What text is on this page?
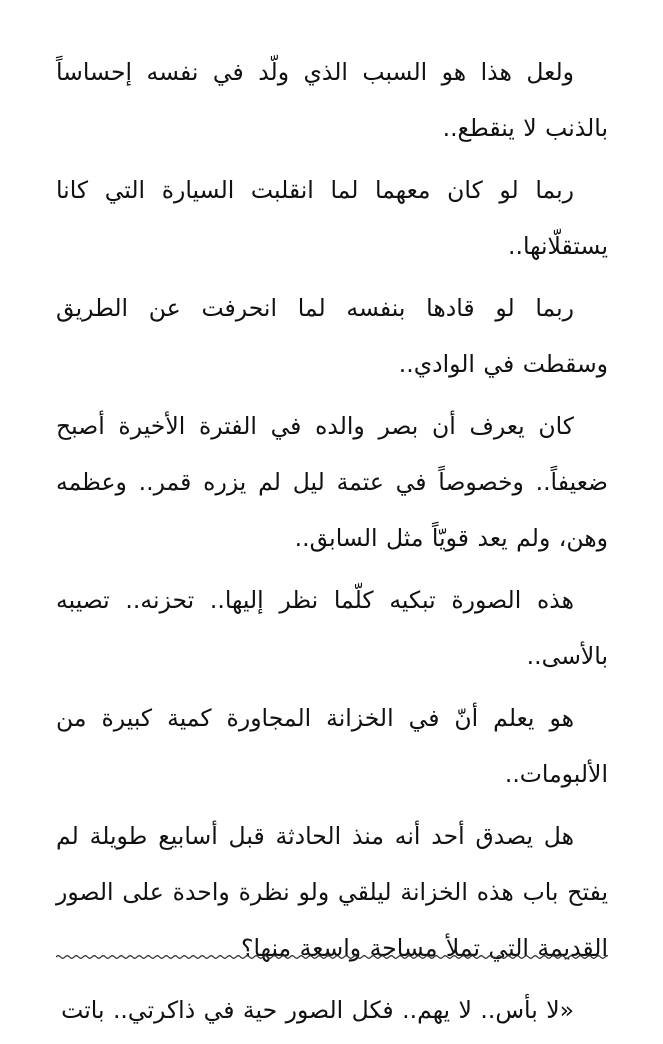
ولعل هذا هو السبب الذي ولّد في نفسه إحساساً بالذنب لا ينقطع..

ربما لو كان معهما لما انقلبت السيارة التي كانا يستقلّانها..

ربما لو قادها بنفسه لما انحرفت عن الطريق وسقطت في الوادي..

كان يعرف أن بصر والده في الفترة الأخيرة أصبح ضعيفاً.. وخصوصاً في عتمة ليل لم يزره قمر.. وعظمه وهن، ولم يعد قويّاً مثل السابق..

هذه الصورة تبكيه كلّما نظر إليها.. تحزنه.. تصيبه بالأسى..

هو يعلم أنّ في الخزانة المجاورة كمية كبيرة من الألبومات..

هل يصدق أحد أنه منذ الحادثة قبل أسابيع طويلة لم يفتح باب هذه الخزانة ليلقي ولو نظرة واحدة على الصور القديمة التي تملأ مساحة واسعة منها؟

«لا بأس.. لا يهم.. فكل الصور حية في ذاكرتي.. باتت
